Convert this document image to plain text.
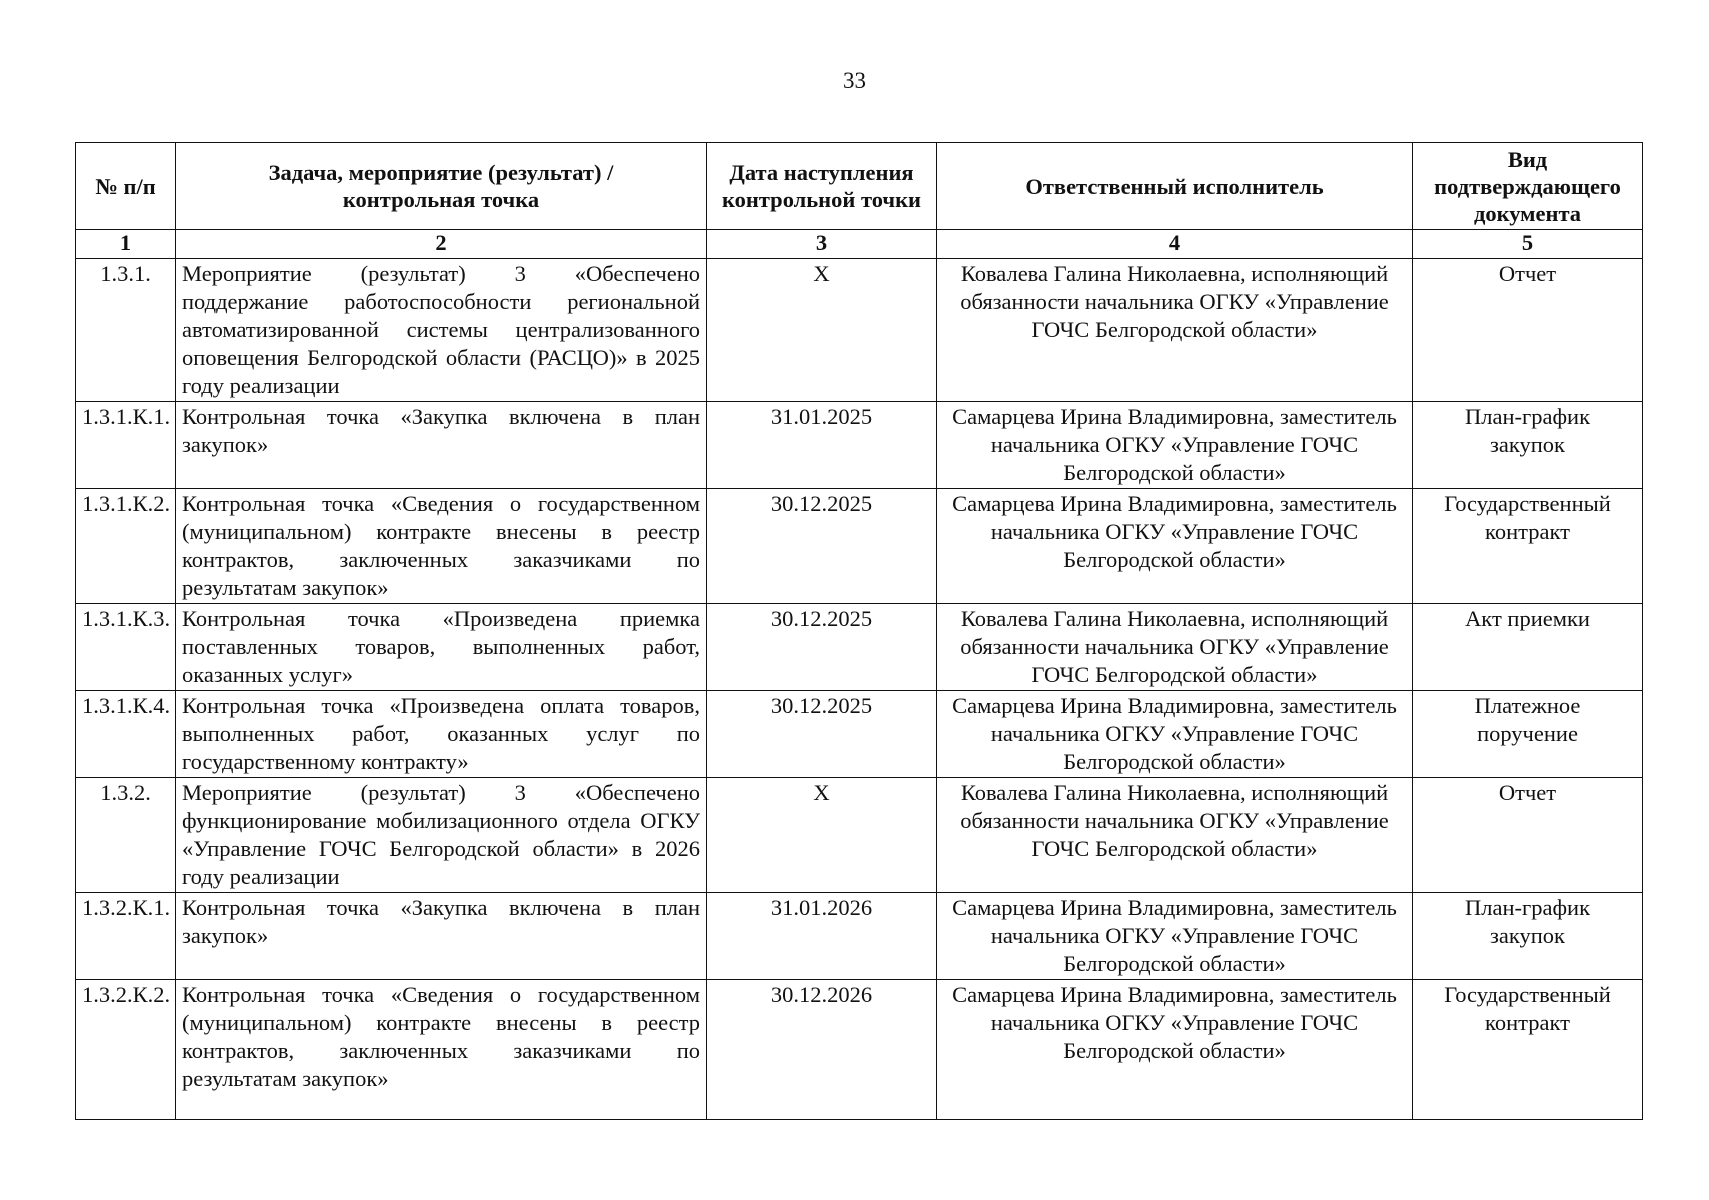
33
№ п/п	Задача, мероприятие (результат) / контрольная точка	Дата наступления контрольной точки	Ответственный исполнитель	Вид подтверждающего документа
1	2	3	4	5
1.3.1.	Мероприятие (результат) 3 «Обеспечено поддержание работоспособности региональной автоматизированной системы централизованного оповещения Белгородской области (РАСЦО)» в 2025 году реализации	X	Ковалева Галина Николаевна, исполняющий обязанности начальника ОГКУ «Управление ГОЧС Белгородской области»	Отчет
1.3.1.К.1.	Контрольная точка «Закупка включена в план закупок»	31.01.2025	Самарцева Ирина Владимировна, заместитель начальника ОГКУ «Управление ГОЧС Белгородской области»	План-график закупок
1.3.1.К.2.	Контрольная точка «Сведения о государственном (муниципальном) контракте внесены в реестр контрактов, заключенных заказчиками по результатам закупок»	30.12.2025	Самарцева Ирина Владимировна, заместитель начальника ОГКУ «Управление ГОЧС Белгородской области»	Государственный контракт
1.3.1.К.3.	Контрольная точка «Произведена приемка поставленных товаров, выполненных работ, оказанных услуг»	30.12.2025	Ковалева Галина Николаевна, исполняющий обязанности начальника ОГКУ «Управление ГОЧС Белгородской области»	Акт приемки
1.3.1.К.4.	Контрольная точка «Произведена оплата товаров, выполненных работ, оказанных услуг по государственному контракту»	30.12.2025	Самарцева Ирина Владимировна, заместитель начальника ОГКУ «Управление ГОЧС Белгородской области»	Платежное поручение
1.3.2.	Мероприятие (результат) 3 «Обеспечено функционирование мобилизационного отдела ОГКУ «Управление ГОЧС Белгородской области» в 2026 году реализации	X	Ковалева Галина Николаевна, исполняющий обязанности начальника ОГКУ «Управление ГОЧС Белгородской области»	Отчет
1.3.2.К.1.	Контрольная точка «Закупка включена в план закупок»	31.01.2026	Самарцева Ирина Владимировна, заместитель начальника ОГКУ «Управление ГОЧС Белгородской области»	План-график закупок
1.3.2.К.2.	Контрольная точка «Сведения о государственном (муниципальном) контракте внесены в реестр контрактов, заключенных заказчиками по результатам закупок»	30.12.2026	Самарцева Ирина Владимировна, заместитель начальника ОГКУ «Управление ГОЧС Белгородской области»	Государственный контракт
